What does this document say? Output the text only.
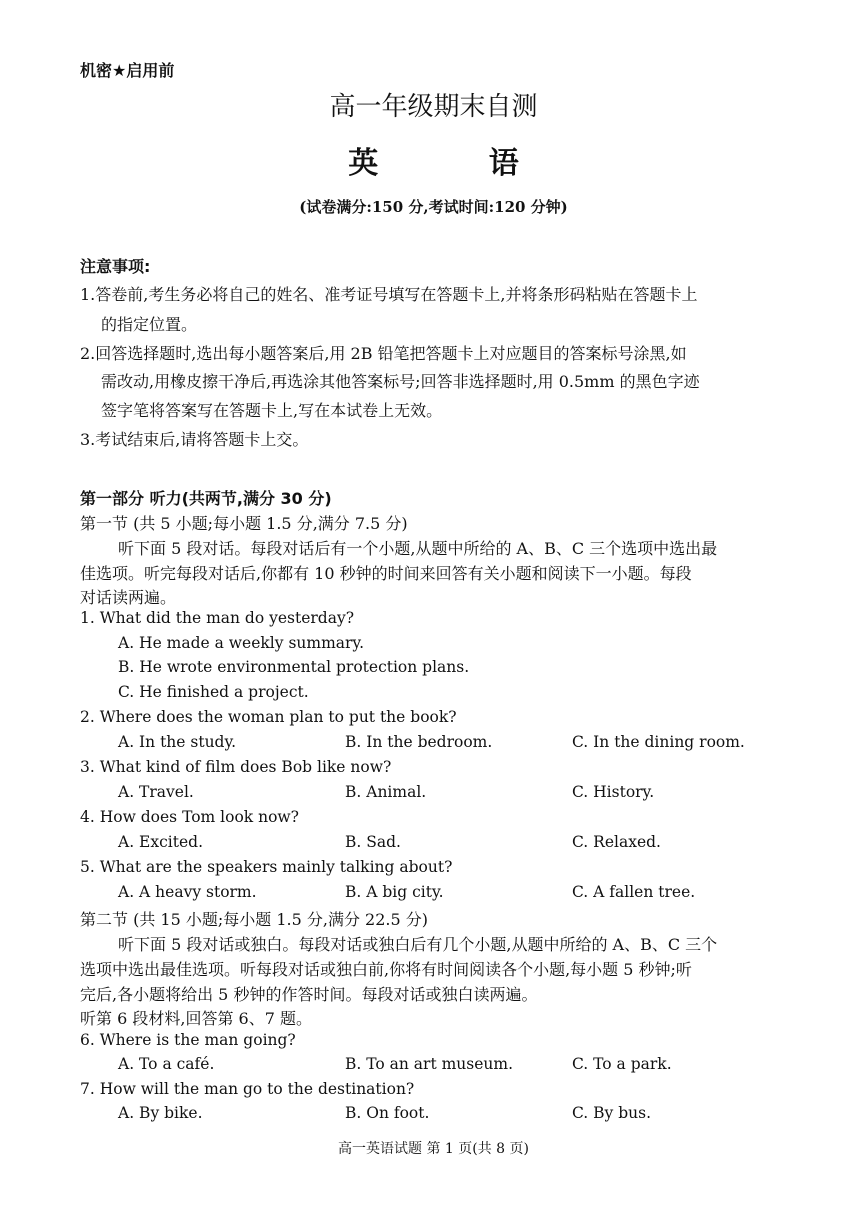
机密★启用前
高一年级期末自测
英 语
(试卷满分:150 分,考试时间:120 分钟)
注意事项:
1.答卷前,考生务必将自己的姓名、准考证号填写在答题卡上,并将条形码粘贴在答题卡上
的指定位置。
2.回答选择题时,选出每小题答案后,用 2B 铅笔把答题卡上对应题目的答案标号涂黑,如
需改动,用橡皮擦干净后,再选涂其他答案标号;回答非选择题时,用 0.5mm 的黑色字迹
签字笔将答案写在答题卡上,写在本试卷上无效。
3.考试结束后,请将答题卡上交。
第一部分 听力(共两节,满分 30 分)
第一节 (共 5 小题;每小题 1.5 分,满分 7.5 分)
听下面 5 段对话。每段对话后有一个小题,从题中所给的 A、B、C 三个选项中选出最
佳选项。听完每段对话后,你都有 10 秒钟的时间来回答有关小题和阅读下一小题。每段
对话读两遍。
1. What did the man do yesterday?
A. He made a weekly summary.
B. He wrote environmental protection plans.
C. He finished a project.
2. Where does the woman plan to put the book?
A. In the study.	B. In the bedroom.	C. In the dining room.
3. What kind of film does Bob like now?
A. Travel.	B. Animal.	C. History.
4. How does Tom look now?
A. Excited.	B. Sad.	C. Relaxed.
5. What are the speakers mainly talking about?
A. A heavy storm.	B. A big city.	C. A fallen tree.
第二节 (共 15 小题;每小题 1.5 分,满分 22.5 分)
听下面 5 段对话或独白。每段对话或独白后有几个小题,从题中所给的 A、B、C 三个
选项中选出最佳选项。听每段对话或独白前,你将有时间阅读各个小题,每小题 5 秒钟;听
完后,各小题将给出 5 秒钟的作答时间。每段对话或独白读两遍。
听第 6 段材料,回答第 6、7 题。
6. Where is the man going?
A. To a café.	B. To an art museum.	C. To a park.
7. How will the man go to the destination?
A. By bike.	B. On foot.	C. By bus.
高一英语试题 第 1 页(共 8 页)
